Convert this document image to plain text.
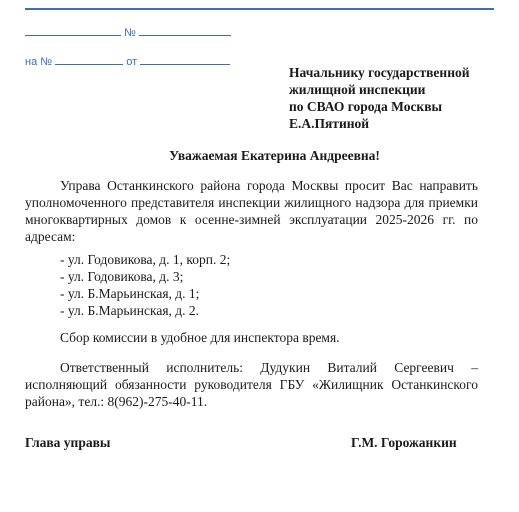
№
на №	от
Начальнику государственной
жилищной инспекции
по СВАО города Москвы
Е.А.Пятиной
Уважаемая Екатерина Андреевна!
Управа Останкинского района города Москвы просит Вас направить уполномоченного представителя инспекции жилищного надзора для приемки многоквартирных домов к осенне-зимней эксплуатации 2025-2026 гг. по адресам:
- ул. Годовикова, д. 1, корп. 2;
- ул. Годовикова, д. 3;
- ул. Б.Марьинская, д. 1;
- ул. Б.Марьинская, д. 2.
Сбор комиссии в удобное для инспектора время.
Ответственный исполнитель: Дудукин Виталий Сергеевич – исполняющий обязанности руководителя ГБУ «Жилищник Останкинского района», тел.: 8(962)-275-40-11.
Глава управы	Г.М. Горожанкин
